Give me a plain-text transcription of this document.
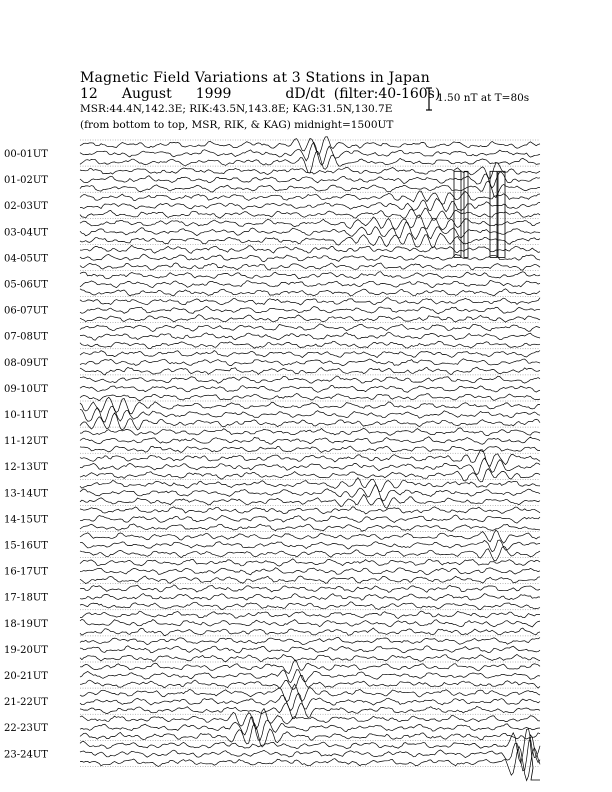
Magnetic Field Variations at 3 Stations in Japan
12 August 1999	dD/dt (filter:40-160s)
MSR:44.4N,142.3E; RIK:43.5N,143.8E; KAG:31.5N,130.7E
(from bottom to top, MSR, RIK, & KAG) midnight=1500UT
1.50 nT at T=80s
00-01UT
01-02UT
02-03UT
03-04UT
04-05UT
05-06UT
06-07UT
07-08UT
08-09UT
09-10UT
10-11UT
11-12UT
12-13UT
13-14UT
14-15UT
15-16UT
16-17UT
17-18UT
18-19UT
19-20UT
20-21UT
21-22UT
22-23UT
23-24UT
